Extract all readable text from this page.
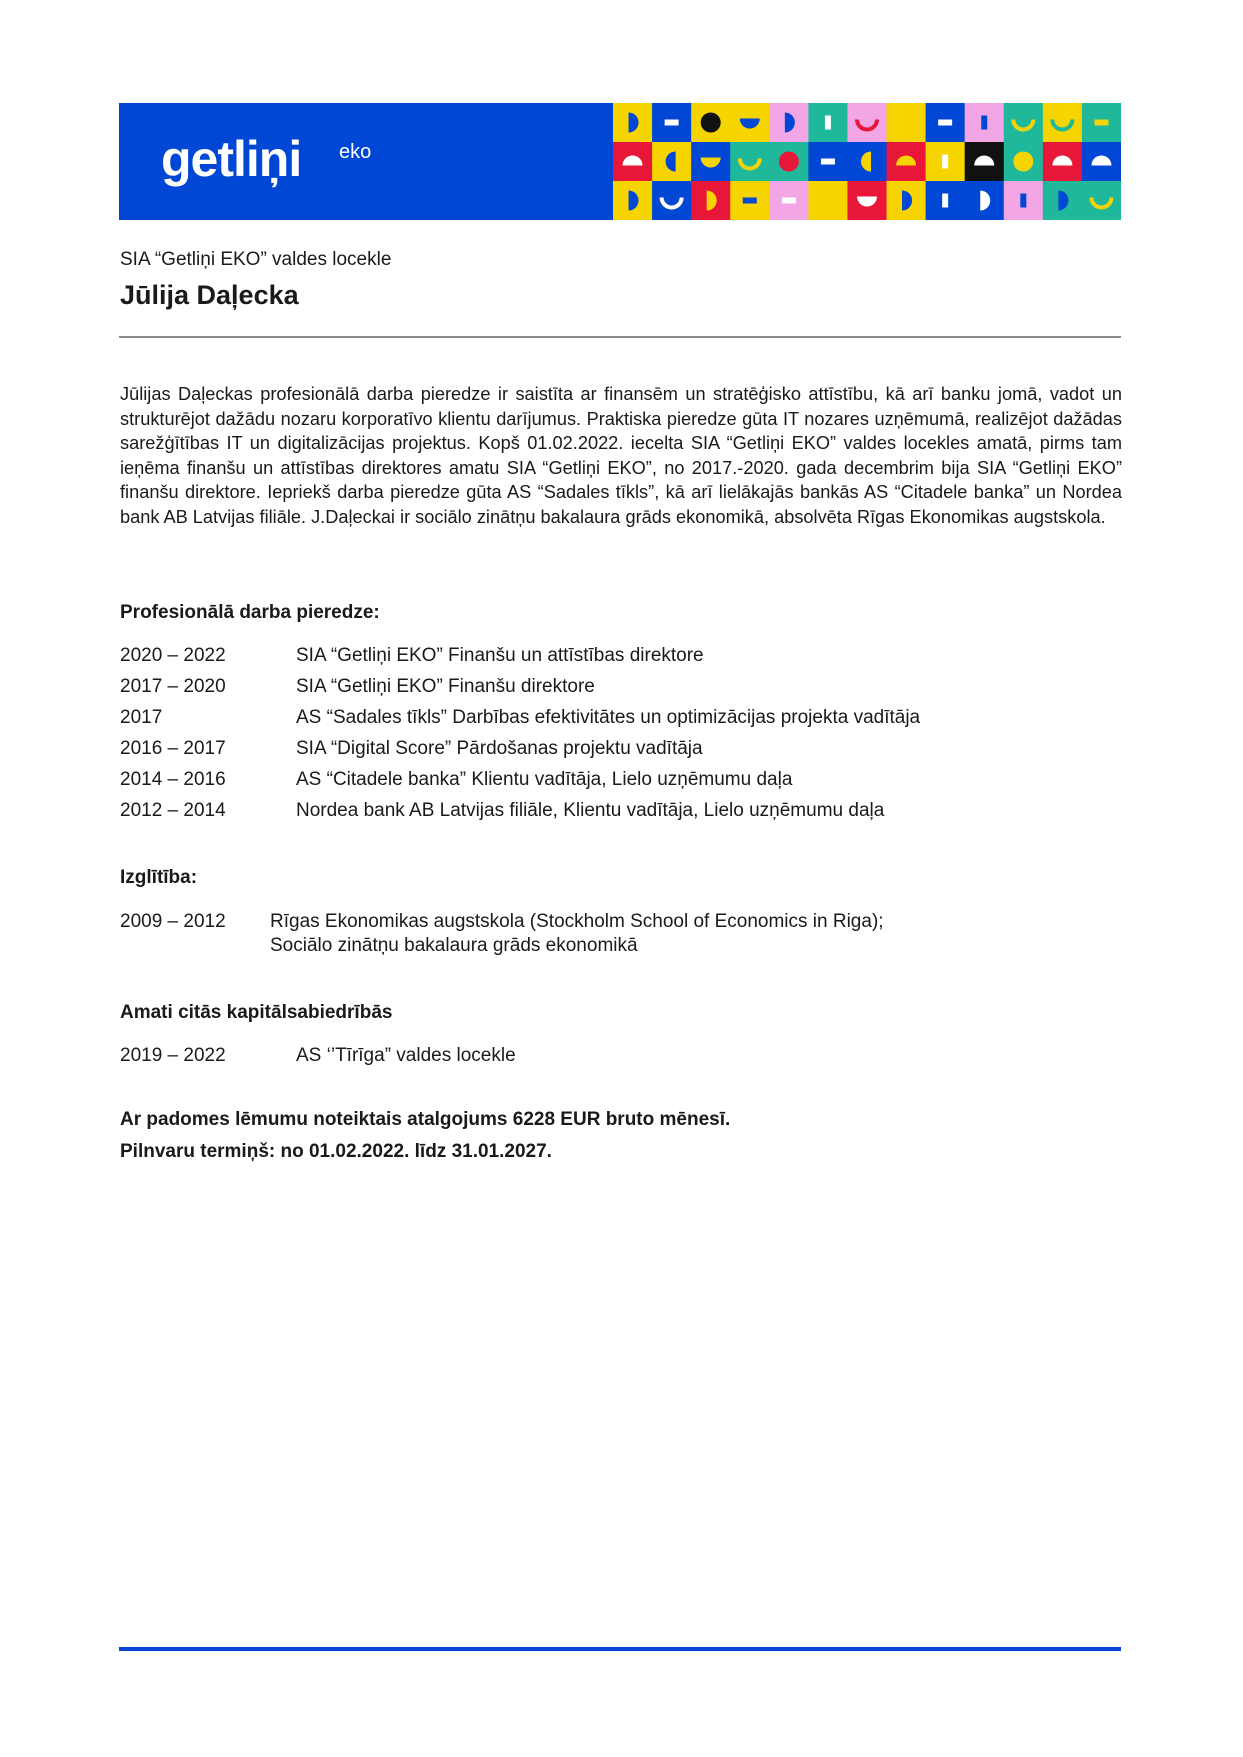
getliņi eko
SIA “Getliņi EKO” valdes locekle
Jūlija Daļecka

Jūlijas Daļeckas profesionālā darba pieredze ir saistīta ar finansēm un stratēģisko attīstību, kā arī banku jomā, vadot un strukturējot dažādu nozaru korporatīvo klientu darījumus. Praktiska pieredze gūta IT nozares uzņēmumā, realizējot dažādas sarežģītības IT un digitalizācijas projektus. Kopš 01.02.2022. iecelta SIA “Getliņi EKO” valdes locekles amatā, pirms tam ieņēma finanšu un attīstības direktores amatu SIA “Getliņi EKO”, no 2017.-2020. gada decembrim bija SIA “Getliņi EKO” finanšu direktore. Iepriekš darba pieredze gūta AS “Sadales tīkls”, kā arī lielākajās bankās AS “Citadele banka” un Nordea bank AB Latvijas filiāle. J.Daļeckai ir sociālo zinātņu bakalaura grāds ekonomikā, absolvēta Rīgas Ekonomikas augstskola.

Profesionālā darba pieredze:
2020 – 2022	SIA “Getliņi EKO” Finanšu un attīstības direktore
2017 – 2020	SIA “Getliņi EKO” Finanšu direktore
2017	AS “Sadales tīkls” Darbības efektivitātes un optimizācijas projekta vadītāja
2016 – 2017	SIA “Digital Score” Pārdošanas projektu vadītāja
2014 – 2016	AS “Citadele banka” Klientu vadītāja, Lielo uzņēmumu daļa
2012 – 2014	Nordea bank AB Latvijas filiāle, Klientu vadītāja, Lielo uzņēmumu daļa
Izglītība:
2009 – 2012 Rīgas Ekonomikas augstskola (Stockholm School of Economics in Riga);
Sociālo zinātņu bakalaura grāds ekonomikā
Amati citās kapitālsabiedrībās
2019 – 2022	AS ‘’Tīrīga” valdes locekle
Ar padomes lēmumu noteiktais atalgojums 6228 EUR bruto mēnesī.
Pilnvaru termiņš: no 01.02.2022. līdz 31.01.2027.
